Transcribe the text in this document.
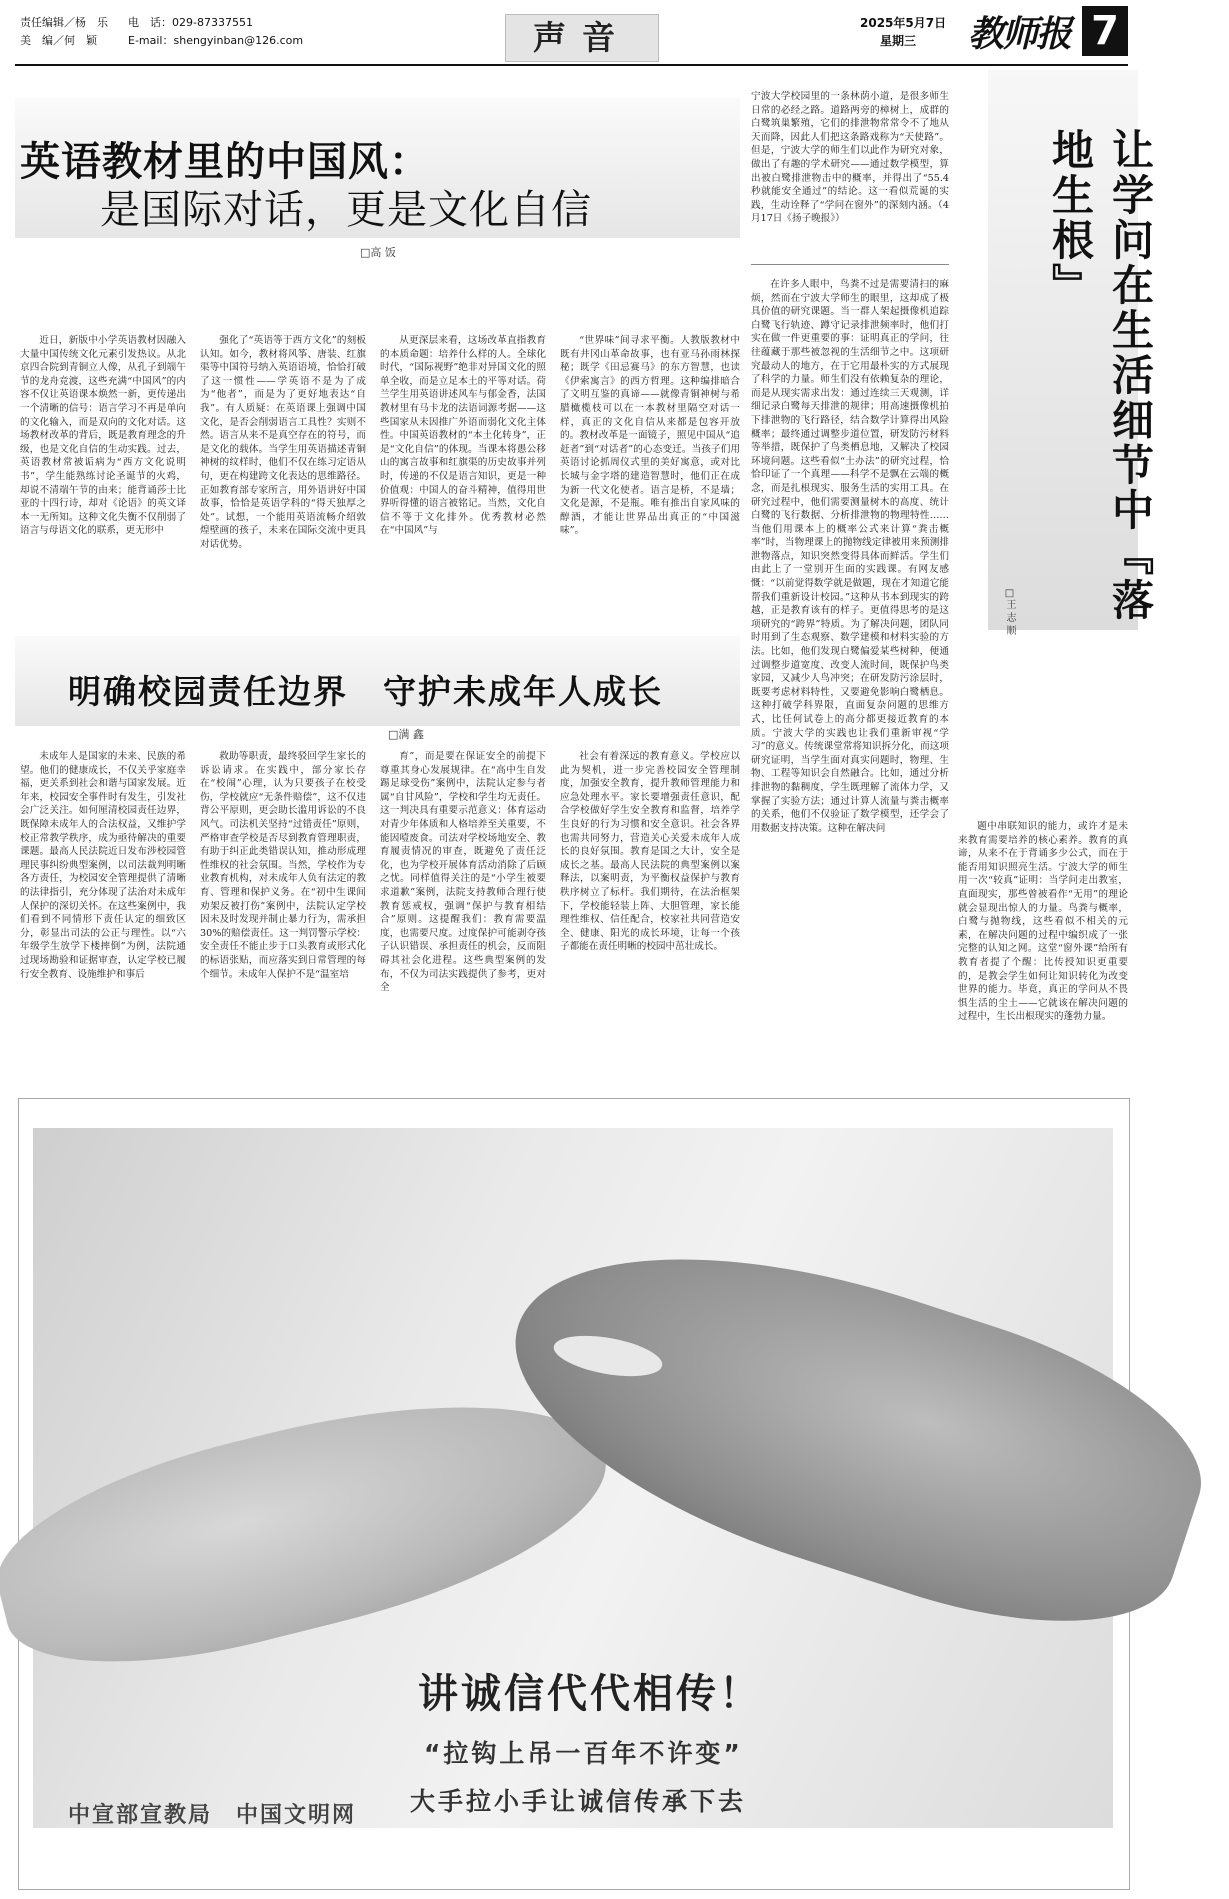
责任编辑／杨　乐 电　话：029-87337551
美　编／何　颖	E-mail：shengyinban@126.com	声音	2025年5月7日
星期三 教师报 7
英语教材里的中国风：
是国际对话，更是文化自信
□高 饭

近日，新版中小学英语教材因融入大量中国传统文化元素引发热议。从北京四合院到青铜立人像，从孔子到端午节的龙舟竞渡，这些充满“中国风”的内容不仅让英语课本焕然一新，更传递出一个清晰的信号：语言学习不再是单向的文化输入，而是双向的文化对话。这场教材改革的背后，既是教育理念的升级，也是文化自信的生动实践。过去，英语教材常被诟病为“西方文化说明书”，学生能熟练讨论圣诞节的火鸡，却说不清端午节的由来；能背诵莎士比亚的十四行诗，却对《论语》的英文译本一无所知。这种文化失衡不仅削弱了语言与母语文化的联系，更无形中

强化了“英语等于西方文化”的刻板认知。如今，教材将风筝、唐装、红旗渠等中国符号纳入英语语境，恰恰打破了这一惯性——学英语不是为了成为“他者”，而是为了更好地表达“自我”。有人质疑：在英语课上强调中国文化，是否会削弱语言工具性？实则不然。语言从来不是真空存在的符号，而是文化的载体。当学生用英语描述青铜神树的纹样时，他们不仅在练习定语从句，更在构建跨文化表达的思维路径。正如教育部专家所言，用外语讲好中国故事，恰恰是英语学科的“得天独厚之处”。试想，一个能用英语流畅介绍敦煌壁画的孩子，未来在国际交流中更具对话优势。

从更深层来看，这场改革直指教育的本质命题：培养什么样的人。全球化时代，“国际视野”绝非对异国文化的照单全收，而是立足本土的平等对话。荷兰学生用英语讲述风车与郁金香，法国教材里有马卡龙的法语词源考据——这些国家从未因推广外语而弱化文化主体性。中国英语教材的“本土化转身”，正是“文化自信”的体现。当课本将愚公移山的寓言故事和红旗渠的历史故事并列时，传递的不仅是语言知识，更是一种价值观：中国人的奋斗精神，值得用世界听得懂的语言被铭记。当然，文化自信不等于文化排外。优秀教材必然在“中国风”与

“世界味”间寻求平衡。人教版教材中既有井冈山革命故事，也有亚马孙雨林探秘；既学《田忌赛马》的东方智慧，也读《伊索寓言》的西方哲理。这种编排暗合了文明互鉴的真谛——就像青铜神树与希腊橄榄枝可以在一本教材里隔空对话一样，真正的文化自信从来都是包容开放的。教材改革是一面镜子，照见中国从“追赶者”到“对话者”的心态变迁。当孩子们用英语讨论抓周仪式里的美好寓意，或对比长城与金字塔的建造智慧时，他们正在成为新一代文化使者。语言是桥，不是墙；文化是源，不是瓶。唯有推出自家风味的醇酒，才能让世界品出真正的“中国滋味”。

明确校园责任边界　守护未成年人成长
□满 鑫

未成年人是国家的未来、民族的希望。他们的健康成长，不仅关乎家庭幸福，更关系到社会和谐与国家发展。近年来，校园安全事件时有发生，引发社会广泛关注。如何厘清校园责任边界，既保障未成年人的合法权益，又维护学校正常教学秩序，成为亟待解决的重要课题。最高人民法院近日发布涉校园管理民事纠纷典型案例，以司法裁判明晰各方责任，为校园安全管理提供了清晰的法律指引，充分体现了法治对未成年人保护的深切关怀。在这些案例中，我们看到不同情形下责任认定的细致区分，彰显出司法的公正与理性。以“六年级学生放学下楼摔倒”为例，法院通过现场勘验和证据审查，认定学校已履行安全教育、设施维护和事后

救助等职责，最终驳回学生家长的诉讼请求。在实践中，部分家长存在“校闹”心理，认为只要孩子在校受伤，学校就应“无条件赔偿”，这不仅违背公平原则，更会助长滥用诉讼的不良风气。司法机关坚持“过错责任”原则，严格审查学校是否尽到教育管理职责，有助于纠正此类错误认知，推动形成理性维权的社会氛围。当然，学校作为专业教育机构，对未成年人负有法定的教育、管理和保护义务。在“初中生课间劝架反被打伤”案例中，法院认定学校因未及时发现并制止暴力行为，需承担30%的赔偿责任。这一判罚警示学校：安全责任不能止步于口头教育或形式化的标语张贴，而应落实到日常管理的每个细节。未成年人保护不是“温室培

育”，而是要在保证安全的前提下尊重其身心发展规律。在“高中生自发踢足球受伤”案例中，法院认定参与者属“自甘风险”，学校和学生均无责任。这一判决具有重要示范意义：体育运动对青少年体质和人格培养至关重要，不能因噎废食。司法对学校场地安全、教育履责情况的审查，既避免了责任泛化，也为学校开展体育活动消除了后顾之忧。同样值得关注的是“小学生被要求道歉”案例，法院支持教师合理行使教育惩戒权，强调“保护与教育相结合”原则。这提醒我们：教育需要温度，也需要尺度。过度保护可能剥夺孩子认识错误、承担责任的机会，反而阻碍其社会化进程。这些典型案例的发布，不仅为司法实践提供了参考，更对全

社会有着深远的教育意义。学校应以此为契机，进一步完善校园安全管理制度，加强安全教育，提升教师管理能力和应急处理水平。家长要增强责任意识，配合学校做好学生安全教育和监督，培养学生良好的行为习惯和安全意识。社会各界也需共同努力，营造关心关爱未成年人成长的良好氛围。教育是国之大计，安全是成长之基。最高人民法院的典型案例以案释法，以案明责，为平衡权益保护与教育秩序树立了标杆。我们期待，在法治框架下，学校能轻装上阵、大胆管理，家长能理性维权、信任配合，校家社共同营造安全、健康、阳光的成长环境，让每一个孩子都能在责任明晰的校园中茁壮成长。

宁波大学校园里的一条林荫小道，是很多师生日常的必经之路。道路两旁的樟树上，成群的白鹭筑巢繁殖，它们的排泄物常常令不了地从天而降，因此人们把这条路戏称为“天使路”。但是，宁波大学的师生们以此作为研究对象，做出了有趣的学术研究——通过数学模型，算出被白鹭排泄物击中的概率，并得出了“55.4秒就能安全通过”的结论。这一看似荒诞的实践，生动诠释了“学问在窗外”的深刻内涵。（4月17日《扬子晚报》）	让学问在生活细节中『落地生根』
□王 志 顺

在许多人眼中，鸟粪不过是需要清扫的麻烦，然而在宁波大学师生的眼里，这却成了极具价值的研究课题。当一群人架起摄像机追踪白鹭飞行轨迹、蹲守记录排泄频率时，他们打实在做一件更重要的事：证明真正的学问，往往蕴藏于那些被忽视的生活细节之中。这项研究最动人的地方，在于它用最朴实的方式展现了科学的力量。师生们没有依赖复杂的理论，而是从现实需求出发：通过连续三天观测，详细记录白鹭每天排泄的规律；用高速摄像机拍下排泄物的飞行路径，结合数学计算得出风险概率；最终通过调整步道位置，研发防污材料等举措，既保护了鸟类栖息地，又解决了校园环境问题。这些看似“土办法”的研究过程，恰恰印证了一个真理——科学不是飘在云端的概念，而是扎根现实、服务生活的实用工具。在研究过程中，他们需要测量树木的高度、统计白鹭的飞行数据、分析排泄物的物理特性……当他们用课本上的概率公式来计算“粪击概率”时，当物理课上的抛物线定律被用来预测排泄物落点，知识突然变得具体而鲜活。学生们由此上了一堂别开生面的实践课。有网友感慨：“以前觉得数学就是做题，现在才知道它能帮我们重新设计校园。”这种从书本到现实的跨越，正是教育该有的样子。更值得思考的是这项研究的“跨界”特质。为了解决问题，团队同时用到了生态观察、数学建模和材料实验的方法。比如，他们发现白鹭偏爱某些树种，便通过调整步道宽度、改变人流时间，既保护鸟类家园，又减少人鸟冲突；在研发防污涂层时，既要考虑材料特性，又要避免影响白鹭栖息。这种打破学科界限，直面复杂问题的思维方式，比任何试卷上的高分都更接近教育的本质。宁波大学的实践也让我们重新审视“学习”的意义。传统课堂常将知识拆分化，而这项研究证明，当学生面对真实问题时，物理、生物、工程等知识会自然融合。比如，通过分析排泄物的黏稠度，学生既理解了流体力学，又掌握了实验方法；通过计算人流量与粪击概率的关系，他们不仅验证了数学模型，还学会了用数据支持决策。这种在解决问	题中串联知识的能力，或许才是未来教育需要培养的核心素养。教育的真谛，从来不在于背诵多少公式，而在于能否用知识照亮生活。宁波大学的师生用一次“较真”证明：当学问走出教室，直面现实，那些曾被看作“无用”的理论就会显现出惊人的力量。鸟粪与概率，白鹭与抛物线，这些看似不相关的元素，在解决问题的过程中编织成了一张完整的认知之网。这堂“窗外课”给所有教育者提了个醒：比传授知识更重要的，是教会学生如何让知识转化为改变世界的能力。毕竟，真正的学问从不畏惧生活的尘土——它就该在解决问题的过程中，生长出根现实的蓬勃力量。

讲诚信代代相传！
“拉钩上吊一百年不许变”
大手拉小手让诚信传承下去
中宣部宣教局　中国文明网
